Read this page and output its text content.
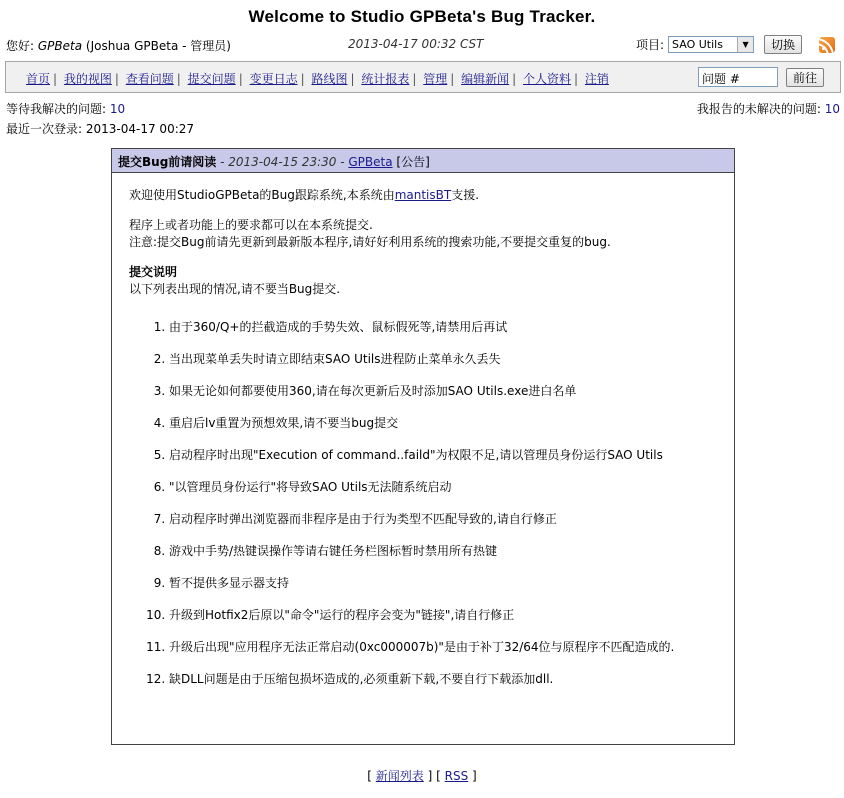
Welcome to Studio GPBeta's Bug Tracker.
您好: GPBeta (Joshua GPBeta - 管理员)	2013-04-17 00:32 CST	项目: SAO Utils	▼	切换
首页 | 我的视图 | 查看问题 | 提交问题 | 变更日志 | 路线图 | 统计报表 | 管理 | 编辑新闻 | 个人资料 | 注销	问题 #	前往
等待我解决的问题: 10	我报告的未解决的问题: 10
最近一次登录: 2013-04-17 00:27
提交Bug前请阅读 - 2013-04-15 23:30 - GPBeta [公告]

欢迎使用StudioGPBeta的Bug跟踪系统,本系统由mantisBT支援.

程序上或者功能上的要求都可以在本系统提交.
注意:提交Bug前请先更新到最新版本程序,请好好利用系统的搜索功能,不要提交重复的bug.

提交说明
以下列表出现的情况,请不要当Bug提交.
1. 由于360/Q+的拦截造成的手势失效、鼠标假死等,请禁用后再试
2. 当出现菜单丢失时请立即结束SAO Utils进程防止菜单永久丢失
3. 如果无论如何都要使用360,请在每次更新后及时添加SAO Utils.exe进白名单
4. 重启后lv重置为预想效果,请不要当bug提交
5. 启动程序时出现"Execution of command..faild"为权限不足,请以管理员身份运行SAO Utils
6. "以管理员身份运行"将导致SAO Utils无法随系统启动
7. 启动程序时弹出浏览器而非程序是由于行为类型不匹配导致的,请自行修正
8. 游戏中手势/热键误操作等请右键任务栏图标暂时禁用所有热键
9. 暂不提供多显示器支持
10. 升级到Hotfix2后原以"命令"运行的程序会变为"链接",请自行修正
11. 升级后出现"应用程序无法正常启动(0xc000007b)"是由于补丁32/64位与原程序不匹配造成的.
12. 缺DLL问题是由于压缩包损坏造成的,必须重新下载,不要自行下载添加dll.
[ 新闻列表 ] [ RSS ]
